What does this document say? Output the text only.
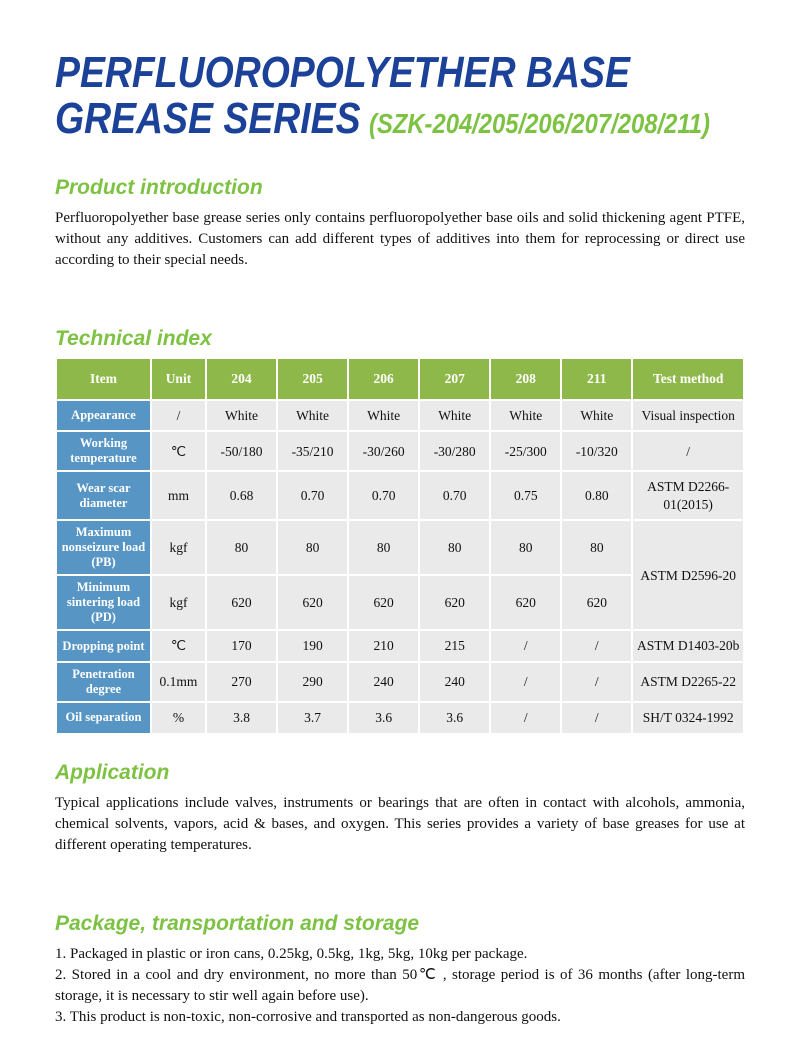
PERFLUOROPOLYETHER BASE
GREASE SERIES (SZK-204/205/206/207/208/211)
Product introduction

Perfluoropolyether base grease series only contains perfluoropolyether base oils and solid thickening agent PTFE, without any additives. Customers can add different types of additives into them for reprocessing or direct use according to their special needs.

Technical index
Item	Unit	204	205	206	207	208	211	Test method
Appearance	/	White	White	White	White	White	White	Visual inspection
Working temperature	℃	-50/180	-35/210	-30/260	-30/280	-25/300	-10/320	/
Wear scar diameter	mm	0.68	0.70	0.70	0.70	0.75	0.80	ASTM D2266-01(2015)
Maximum nonseizure load (PB)	kgf	80	80	80	80	80	80	ASTM D2596-20
Minimum sintering load (PD)	kgf	620	620	620	620	620	620	
Dropping point	℃	170	190	210	215	/	/	ASTM D1403-20b
Penetration degree	0.1mm	270	290	240	240	/	/	ASTM D2265-22
Oil separation	%	3.8	3.7	3.6	3.6	/	/	SH/T 0324-1992
Application

Typical applications include valves, instruments or bearings that are often in contact with alcohols, ammonia, chemical solvents, vapors, acid & bases, and oxygen. This series provides a variety of base greases for use at different operating temperatures.

Package, transportation and storage

1. Packaged in plastic or iron cans, 0.25kg, 0.5kg, 1kg, 5kg, 10kg per package.

2. Stored in a cool and dry environment, no more than 50℃ , storage period is of 36 months (after long-term storage, it is necessary to stir well again before use).

3. This product is non-toxic, non-corrosive and transported as non-dangerous goods.
